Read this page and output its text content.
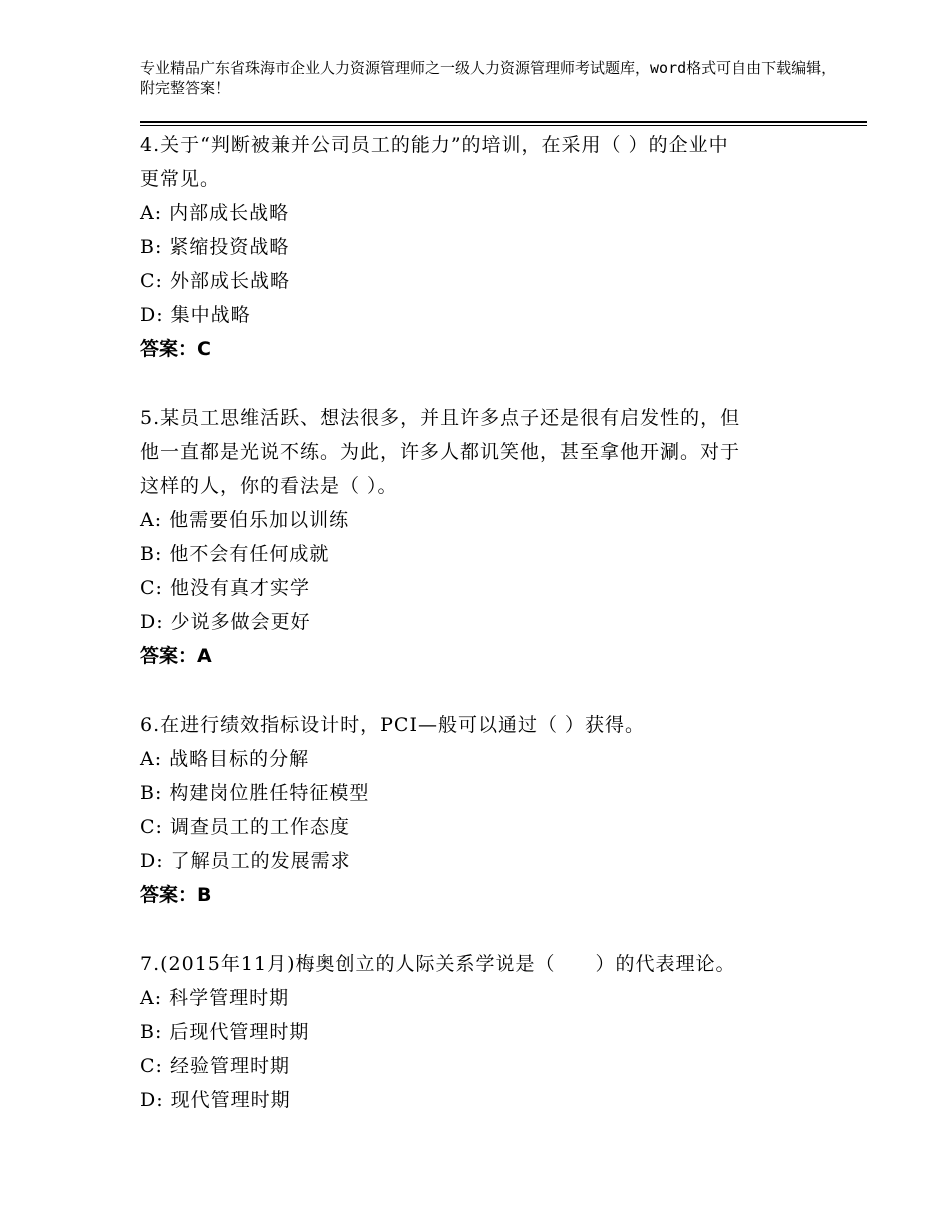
专业精品广东省珠海市企业人力资源管理师之一级人力资源管理师考试题库，word格式可自由下载编辑，附完整答案！

4.关于“判断被兼并公司员工的能力”的培训，在采用（ ）的企业中

更常见。

A: 内部成长战略

B: 紧缩投资战略

C: 外部成长战略

D: 集中战略

答案：C

5.某员工思维活跃、想法很多，并且许多点子还是很有启发性的，但

他一直都是光说不练。为此，许多人都讥笑他，甚至拿他开涮。对于

这样的人，你的看法是（ ）。

A: 他需要伯乐加以训练

B: 他不会有任何成就

C: 他没有真才实学

D: 少说多做会更好

答案：A

6.在进行绩效指标设计时，PCI—般可以通过（ ）获得。

A: 战略目标的分解

B: 构建岗位胜任特征模型

C: 调查员工的工作态度

D: 了解员工的发展需求

答案：B

7.(2015年11月)梅奥创立的人际关系学说是（　　）的代表理论。

A: 科学管理时期

B: 后现代管理时期

C: 经验管理时期

D: 现代管理时期
